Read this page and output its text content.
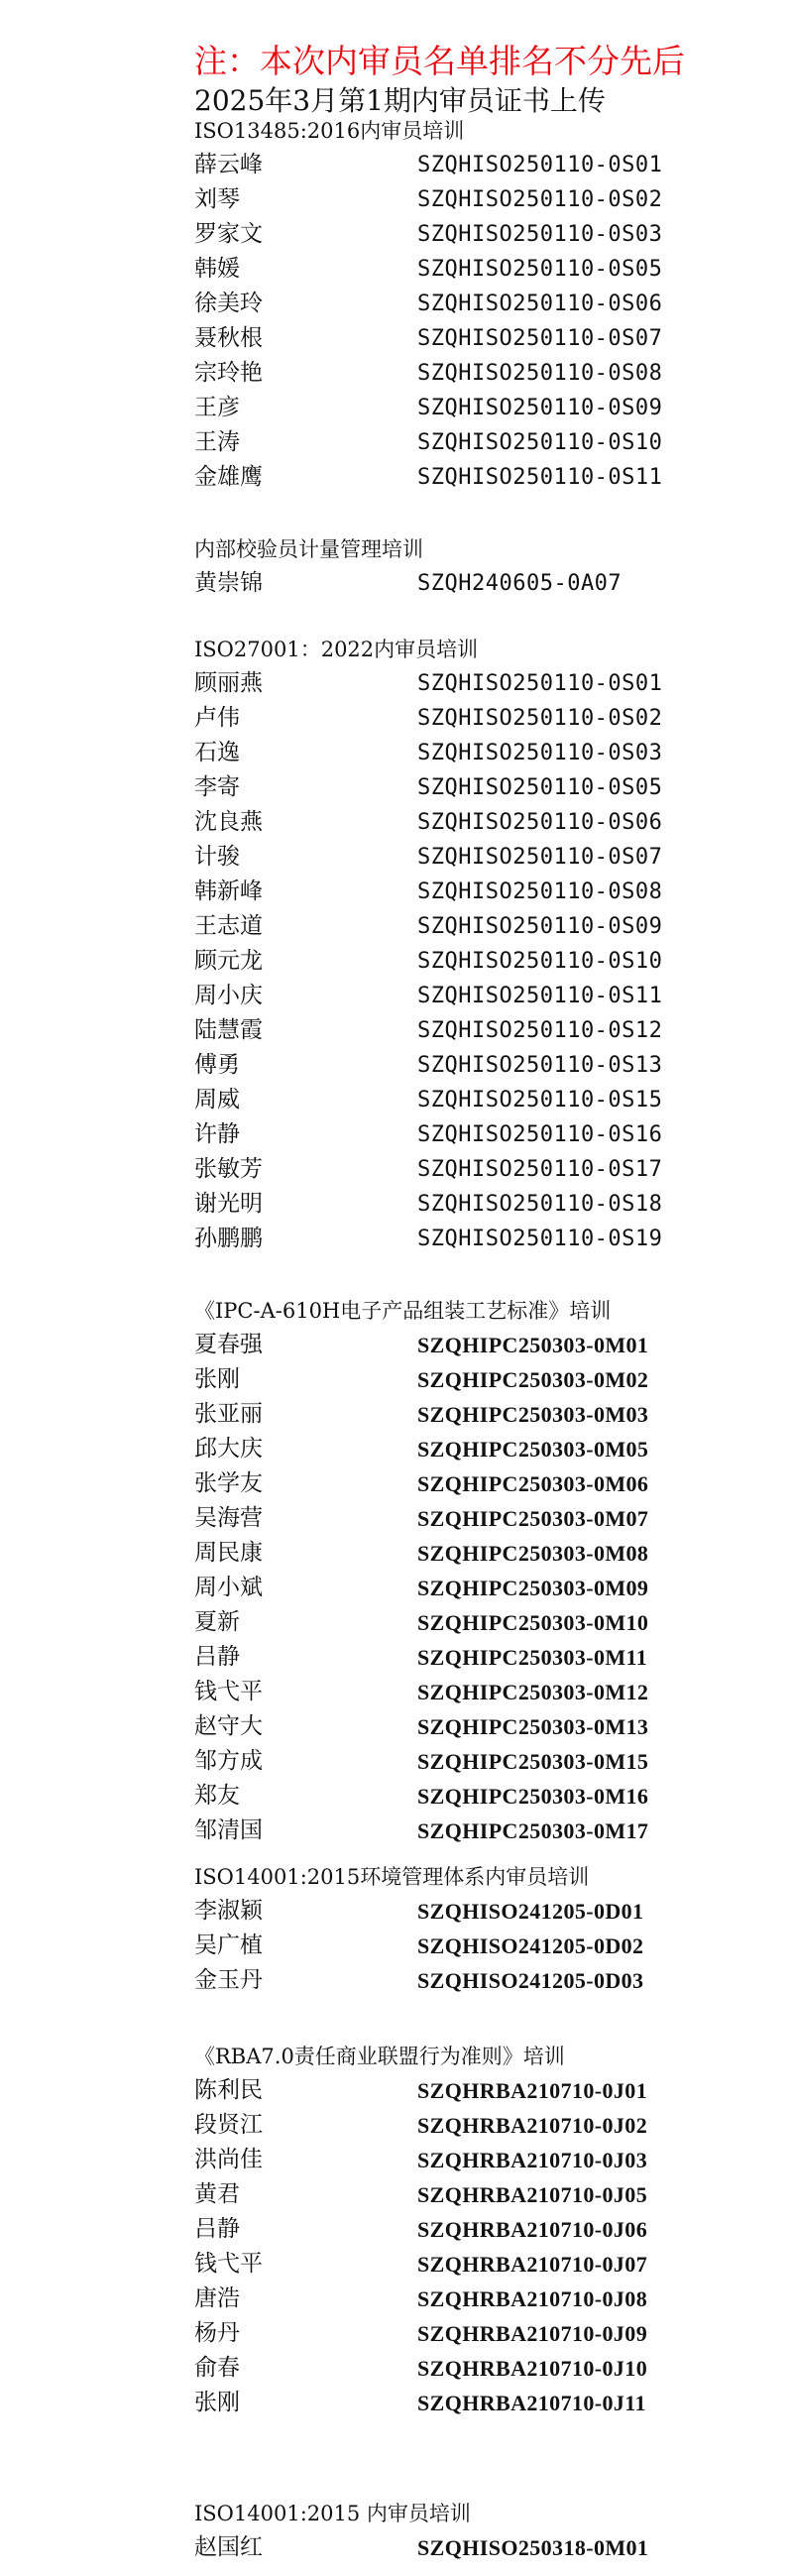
注：本次内审员名单排名不分先后
2025年3月第1期内审员证书上传
ISO13485:2016内审员培训
薛云峰	SZQHISO250110-0S01
刘琴	SZQHISO250110-0S02
罗家文	SZQHISO250110-0S03
韩媛	SZQHISO250110-0S05
徐美玲	SZQHISO250110-0S06
聂秋根	SZQHISO250110-0S07
宗玲艳	SZQHISO250110-0S08
王彦	SZQHISO250110-0S09
王涛	SZQHISO250110-0S10
金雄鹰	SZQHISO250110-0S11
内部校验员计量管理培训
黄崇锦	SZQH240605-0A07
ISO27001：2022内审员培训
顾丽燕	SZQHISO250110-0S01
卢伟	SZQHISO250110-0S02
石逸	SZQHISO250110-0S03
李寄	SZQHISO250110-0S05
沈良燕	SZQHISO250110-0S06
计骏	SZQHISO250110-0S07
韩新峰	SZQHISO250110-0S08
王志道	SZQHISO250110-0S09
顾元龙	SZQHISO250110-0S10
周小庆	SZQHISO250110-0S11
陆慧霞	SZQHISO250110-0S12
傅勇	SZQHISO250110-0S13
周威	SZQHISO250110-0S15
许静	SZQHISO250110-0S16
张敏芳	SZQHISO250110-0S17
谢光明	SZQHISO250110-0S18
孙鹏鹏	SZQHISO250110-0S19
《IPC-A-610H电子产品组装工艺标准》培训
夏春强	SZQHIPC250303-0M01
张刚	SZQHIPC250303-0M02
张亚丽	SZQHIPC250303-0M03
邱大庆	SZQHIPC250303-0M05
张学友	SZQHIPC250303-0M06
吴海营	SZQHIPC250303-0M07
周民康	SZQHIPC250303-0M08
周小斌	SZQHIPC250303-0M09
夏新	SZQHIPC250303-0M10
吕静	SZQHIPC250303-0M11
钱弋平	SZQHIPC250303-0M12
赵守大	SZQHIPC250303-0M13
邹方成	SZQHIPC250303-0M15
郑友	SZQHIPC250303-0M16
邹清国	SZQHIPC250303-0M17
ISO14001:2015环境管理体系内审员培训
李淑颖	SZQHISO241205-0D01
吴广植	SZQHISO241205-0D02
金玉丹	SZQHISO241205-0D03
《RBA7.0责任商业联盟行为准则》培训
陈利民	SZQHRBA210710-0J01
段贤江	SZQHRBA210710-0J02
洪尚佳	SZQHRBA210710-0J03
黄君	SZQHRBA210710-0J05
吕静	SZQHRBA210710-0J06
钱弋平	SZQHRBA210710-0J07
唐浩	SZQHRBA210710-0J08
杨丹	SZQHRBA210710-0J09
俞春	SZQHRBA210710-0J10
张刚	SZQHRBA210710-0J11
ISO14001:2015 内审员培训
赵国红	SZQHISO250318-0M01
